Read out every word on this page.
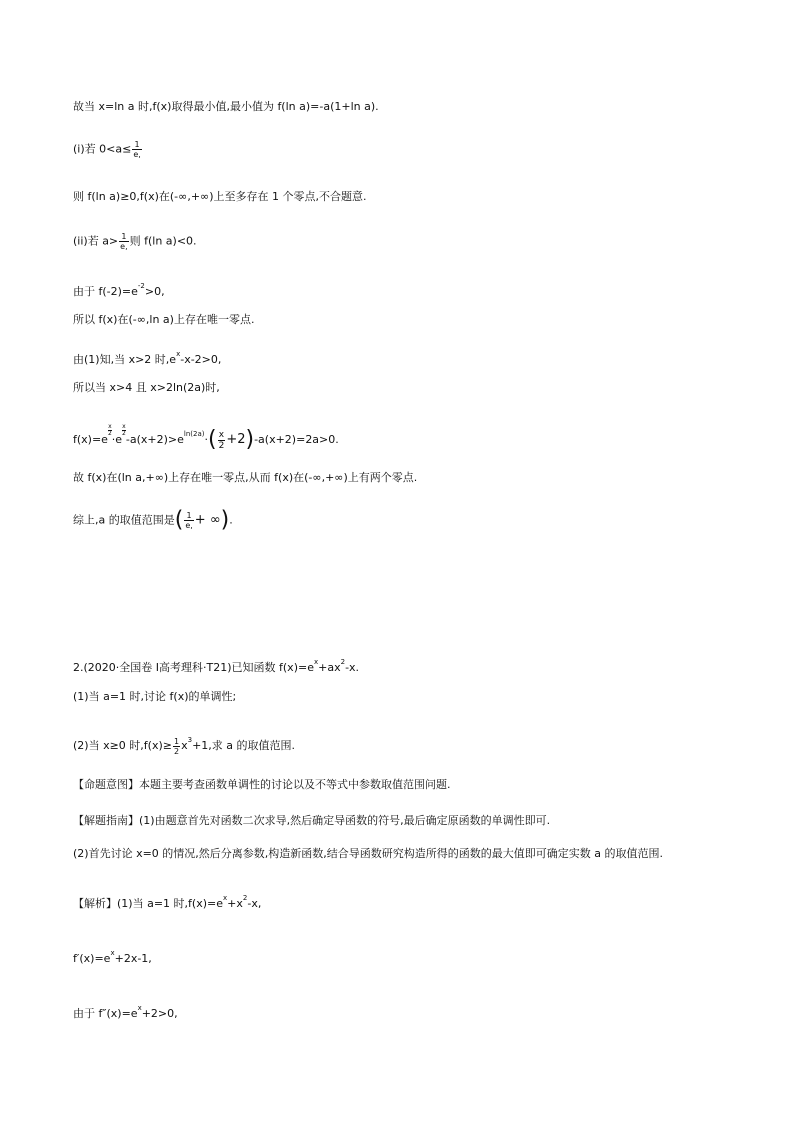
故当 x=ln a 时,f(x)取得最小值,最小值为 f(ln a)=-a(1+ln a).
(i)若 $0<a\le \frac{1}{e,}$
则 f(ln a)≥0,f(x)在(-∞,+∞)上至多存在 1 个零点,不合题意.
(ii)若 $a> \frac{1}{e,}$ 则 f(ln a)<0.
由于 $f(-2)=e^{-2}>0$,
所以 f(x)在(-∞,ln a)上存在唯一零点.
由(1)知,当 x>2 时$,e^x-x-2>0$,
所以当 x>4 且 x>2ln(2a)时,
f(x)=e
$\frac{x}{2}$
·e
$\frac{x}{2}$
$-a(x+2)>e^{ln(2a)}\cdot( \frac{x}{2} +2)-a(x+2)=2a>0$.
故 f(x)在(ln a,+∞)上存在唯一零点,从而 f(x)在(-∞,+∞)上有两个零点.
综上,a 的取值范围是( $\frac{1}{e,}$ + ∞).
2.(2020·全国卷 Ⅰ高考理科·T21)已知函数 $f(x)=e^x+ax^2-x$.
(1)当 a=1 时,讨论 f(x)的单调性;
(2)当 x≥0 时$,f(x)\ge \frac{1}{2} x^3+1$,求 a 的取值范围.
【命题意图】本题主要考查函数单调性的讨论以及不等式中参数取值范围问题.
【解题指南】(1)由题意首先对函数二次求导,然后确定导函数的符号,最后确定原函数的单调性即可.
(2)首先讨论 x=0 的情况,然后分离参数,构造新函数,结合导函数研究构造所得的函数的最大值即可确定实数 a 的取值范围.
【解析】(1)当 a=1 时$,f(x)=e^x+x^2-x$,
$f'(x)=e^x+2x-1$,
由于 $f''(x)=e^x+2>0$,
